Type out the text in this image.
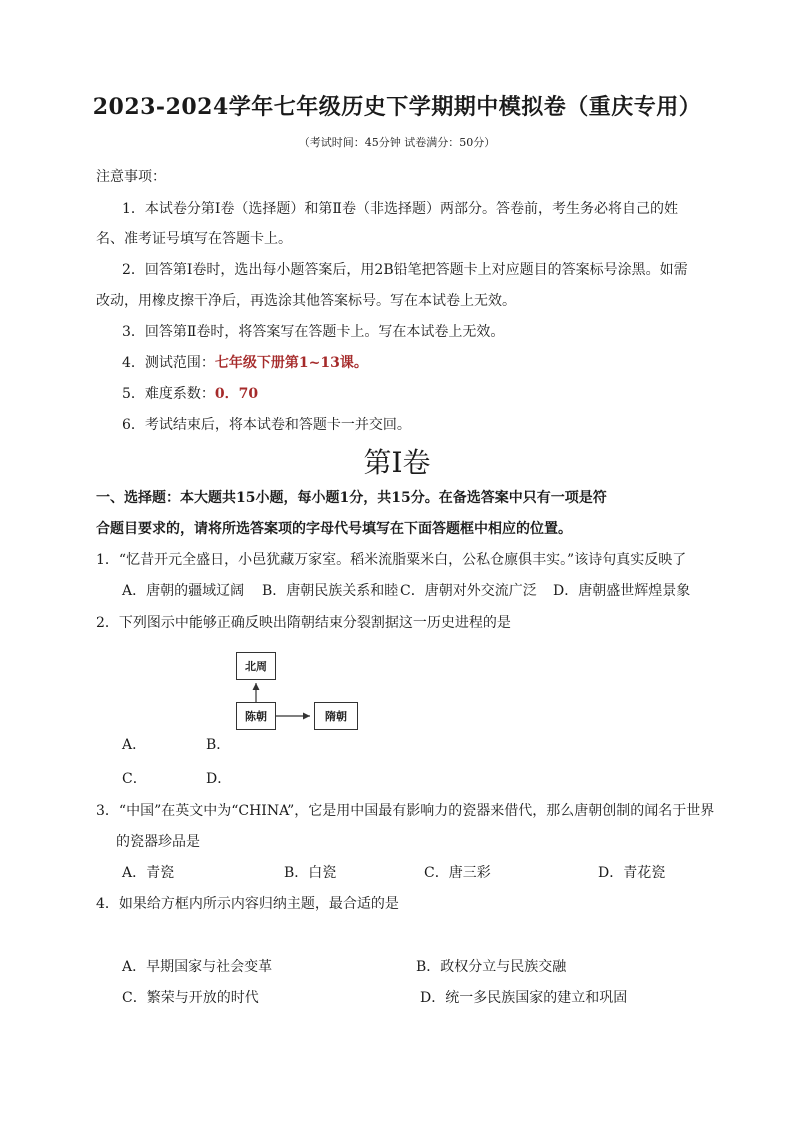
2023-2024学年七年级历史下学期期中模拟卷（重庆专用）
（考试时间：45分钟 试卷满分：50分）
注意事项：
1．本试卷分第Ⅰ卷（选择题）和第Ⅱ卷（非选择题）两部分。答卷前，考生务必将自己的姓
名、准考证号填写在答题卡上。
2．回答第Ⅰ卷时，选出每小题答案后，用2B铅笔把答题卡上对应题目的答案标号涂黑。如需
改动，用橡皮擦干净后，再选涂其他答案标号。写在本试卷上无效。
3．回答第Ⅱ卷时，将答案写在答题卡上。写在本试卷上无效。
4．测试范围：七年级下册第1~13课。
5．难度系数：0．70
6．考试结束后，将本试卷和答题卡一并交回。
第Ⅰ卷
一、选择题：本大题共15小题，每小题1分，共15分。在备选答案中只有一项是符
合题目要求的，请将所选答案项的字母代号填写在下面答题框中相应的位置。
1．“忆昔开元全盛日，小邑犹藏万家室。稻米流脂粟米白，公私仓廪俱丰实。”该诗句真实反映了
A．唐朝的疆域辽阔 B．唐朝民族关系和睦 C．唐朝对外交流广泛 D．唐朝盛世辉煌景象
2．下列图示中能够正确反映出隋朝结束分裂割据这一历史进程的是
北周
陈朝	隋朝
A．	B．
C．	D．
3．“中国”在英文中为“CHINA”，它是用中国最有影响力的瓷器来借代，那么唐朝创制的闻名于世界
的瓷器珍品是
A．青瓷	B．白瓷	C．唐三彩	D．青花瓷
4．如果给方框内所示内容归纳主题，最合适的是
A．早期国家与社会变革	B．政权分立与民族交融
C．繁荣与开放的时代	D．统一多民族国家的建立和巩固
